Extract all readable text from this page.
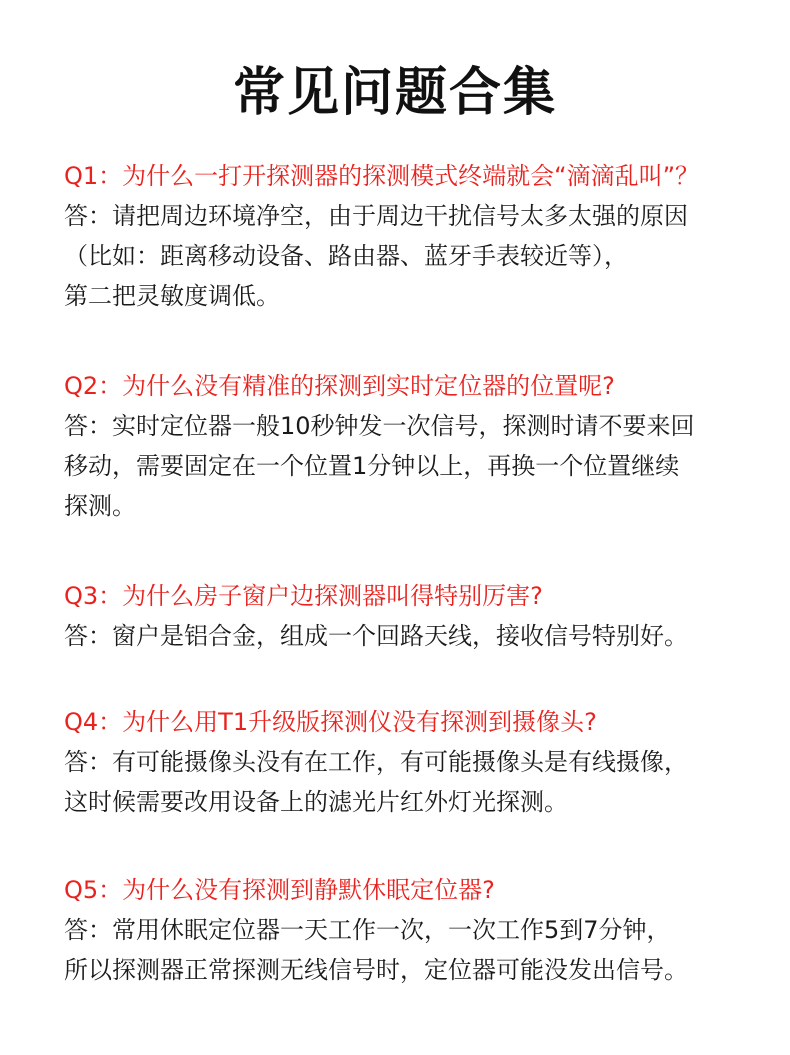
常见问题合集
Q1：为什么一打开探测器的探测模式终端就会“滴滴乱叫”？
答：请把周边环境净空，由于周边干扰信号太多太强的原因
（比如：距离移动设备、路由器、蓝牙手表较近等），
第二把灵敏度调低。
Q2：为什么没有精准的探测到实时定位器的位置呢?
答：实时定位器一般10秒钟发一次信号，探测时请不要来回
移动，需要固定在一个位置1分钟以上，再换一个位置继续
探测。
Q3：为什么房子窗户边探测器叫得特别厉害?
答：窗户是铝合金，组成一个回路天线，接收信号特别好。
Q4：为什么用T1升级版探测仪没有探测到摄像头?
答：有可能摄像头没有在工作，有可能摄像头是有线摄像，
这时候需要改用设备上的滤光片红外灯光探测。
Q5：为什么没有探测到静默休眠定位器?
答：常用休眠定位器一天工作一次，一次工作5到7分钟，
所以探测器正常探测无线信号时，定位器可能没发出信号。
